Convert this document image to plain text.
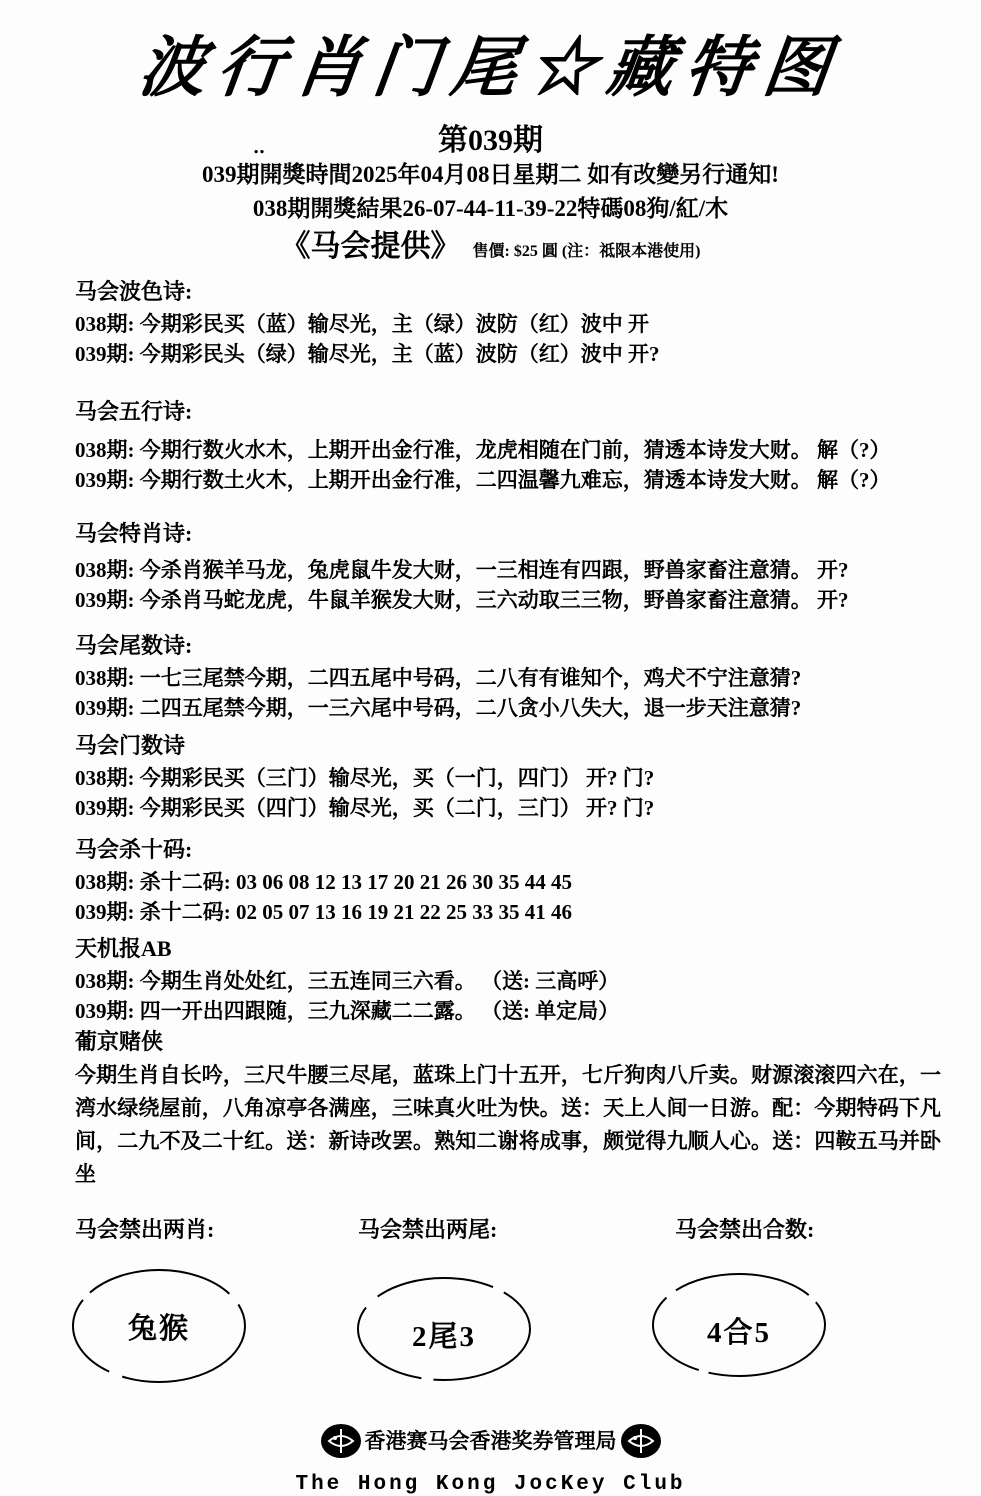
波行肖门尾☆藏特图
‥	第039期
039期開獎時間2025年04月08日星期二 如有改變另行通知!
038期開獎結果26-07-44-11-39-22特碼08狗/紅/木
《马会提供》 售價: $25 圓 (注：祗限本港使用)
马会波色诗:
038期: 今期彩民买（蓝）输尽光，主（绿）波防（红）波中 开
039期: 今期彩民头（绿）输尽光，主（蓝）波防（红）波中 开?
马会五行诗:
038期: 今期行数火水木，上期开出金行准，龙虎相随在门前，猜透本诗发大财。 解（?）
039期: 今期行数土火木，上期开出金行准，二四温馨九难忘，猜透本诗发大财。 解（?）
马会特肖诗:
038期: 今杀肖猴羊马龙，兔虎鼠牛发大财，一三相连有四跟，野兽家畜注意猜。 开?
039期: 今杀肖马蛇龙虎，牛鼠羊猴发大财，三六动取三三物，野兽家畜注意猜。 开?
马会尾数诗:
038期: 一七三尾禁今期，二四五尾中号码，二八有有谁知个，鸡犬不宁注意猜?
039期: 二四五尾禁今期，一三六尾中号码，二八贪小八失大，退一步天注意猜?
马会门数诗
038期: 今期彩民买（三门）输尽光，买（一门，四门） 开? 门?
039期: 今期彩民买（四门）输尽光，买（二门，三门） 开? 门?
马会杀十码:
038期: 杀十二码: 03 06 08 12 13 17 20 21 26 30 35 44 45
039期: 杀十二码: 02 05 07 13 16 19 21 22 25 33 35 41 46
天机报AB
038期: 今期生肖处处红，三五连同三六看。 （送: 三高呼）
039期: 四一开出四跟随，三九深藏二二露。 （送: 单定局）
葡京赌侠
今期生肖自长吟，三尺牛腰三尽尾，蓝珠上门十五开，七斤狗肉八斤卖。财源滚滚四六在，一湾水绿绕屋前，八角凉亭各满座，三味真火吐为快。送：天上人间一日游。配：今期特码下凡间，二九不及二十红。送：新诗改罢。熟知二谢将成事，颇觉得九顺人心。送：四鞍五马并卧坐
马会禁出两肖:	马会禁出两尾:	马会禁出合数:
兔猴	2尾3	4合5
香港赛马会香港奖券管理局
The Hong Kong JocKey Club
